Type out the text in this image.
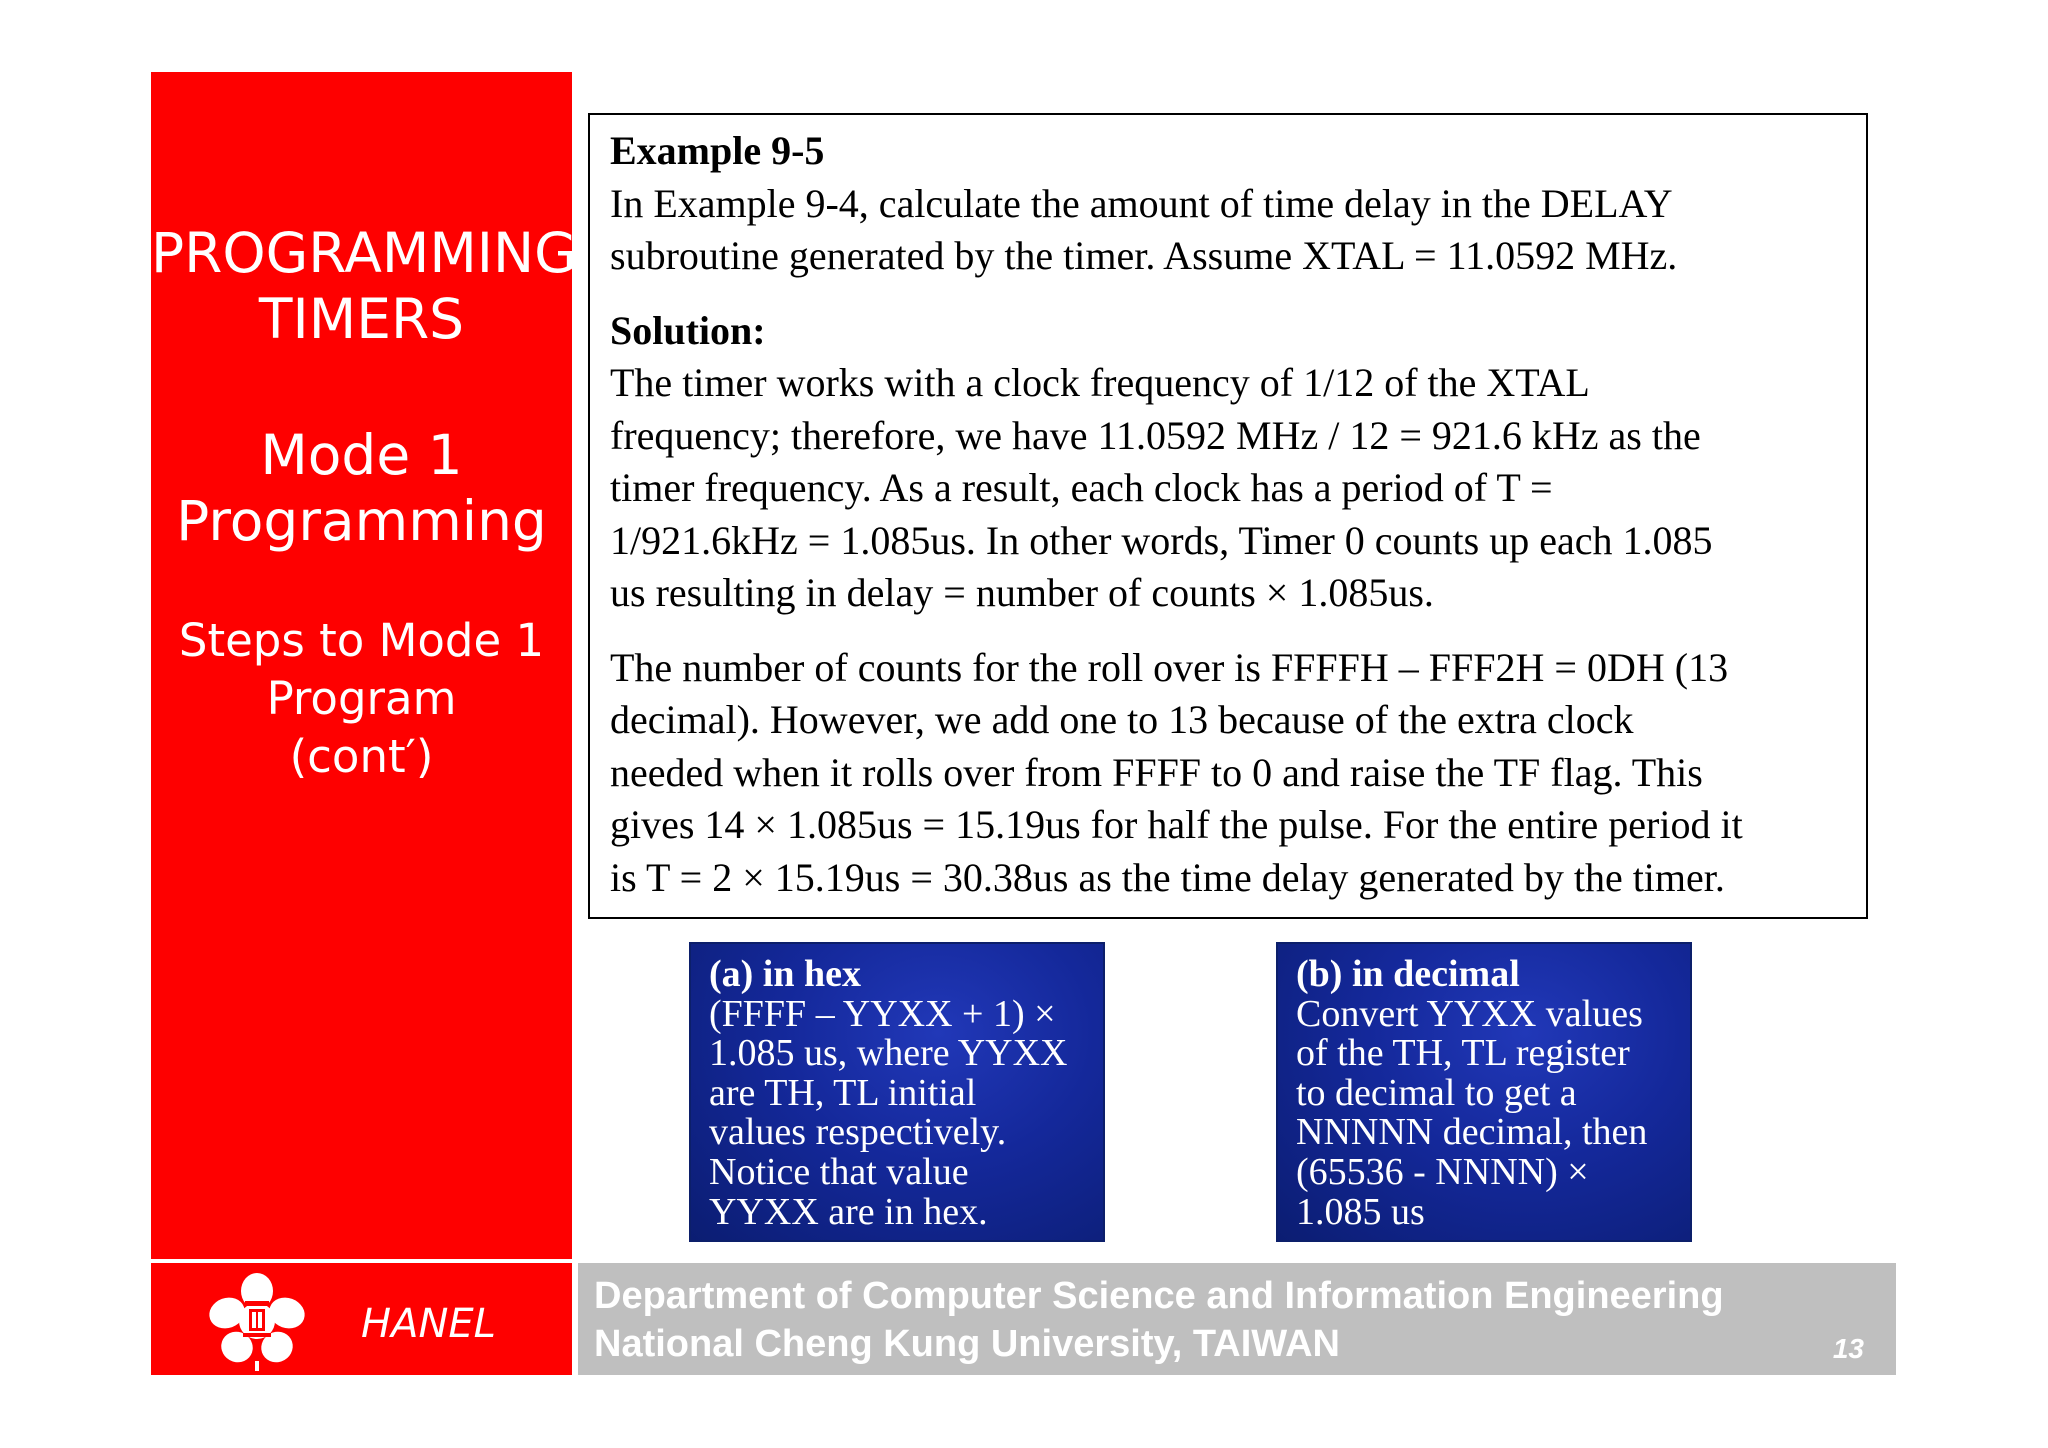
PROGRAMMING
TIMERS
Mode 1
Programming
Steps to Mode 1
Program
(cont′)

Example 9-5

In Example 9-4, calculate the amount of time delay in the DELAY

subroutine generated by the timer. Assume XTAL = 11.0592 MHz.

Solution:

The timer works with a clock frequency of 1/12 of the XTAL

frequency; therefore, we have 11.0592 MHz / 12 = 921.6 kHz as the

timer frequency. As a result, each clock has a period of T =

1/921.6kHz = 1.085us. In other words, Timer 0 counts up each 1.085

us resulting in delay = number of counts × 1.085us.

The number of counts for the roll over is FFFFH – FFF2H = 0DH (13

decimal). However, we add one to 13 because of the extra clock

needed when it rolls over from FFFF to 0 and raise the TF flag. This

gives 14 × 1.085us = 15.19us for half the pulse. For the entire period it

is T = 2 × 15.19us = 30.38us as the time delay generated by the timer.

(a) in hex
(FFFF – YYXX + 1) ×
1.085 us, where YYXX
are TH, TL initial
values respectively.
Notice that value
YYXX are in hex.
(b) in decimal
Convert YYXX values
of the TH, TL register
to decimal to get a
NNNNN decimal, then
(65536 - NNNN) ×
1.085 us
HANEL
Department of Computer Science and Information Engineering
National Cheng Kung University, TAIWAN	13
